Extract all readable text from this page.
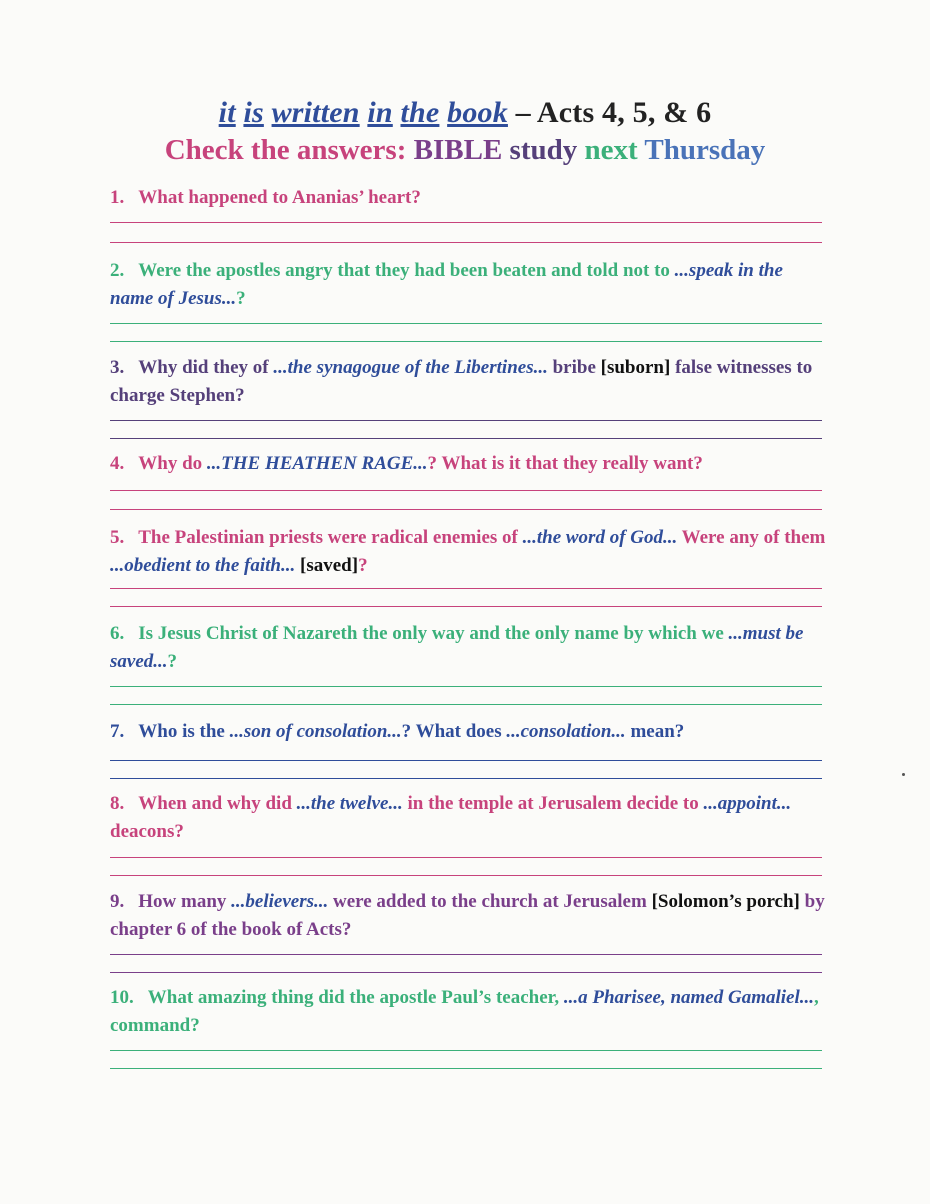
it is written in the book – Acts 4, 5, & 6
Check the answers: BIBLE study next Thursday
1. What happened to Ananias’ heart?
2. Were the apostles angry that they had been beaten and told not to ...speak in the name of Jesus...?
3. Why did they of ...the synagogue of the Libertines... bribe [suborn] false witnesses to charge Stephen?
4. Why do ...THE HEATHEN RAGE...? What is it that they really want?
5. The Palestinian priests were radical enemies of ...the word of God... Were any of them ...obedient to the faith... [saved]?
6. Is Jesus Christ of Nazareth the only way and the only name by which we ...must be saved...?
7. Who is the ...son of consolation...? What does ...consolation... mean?
8. When and why did ...the twelve... in the temple at Jerusalem decide to ...appoint... deacons?
9. How many ...believers... were added to the church at Jerusalem [Solomon’s porch] by chapter 6 of the book of Acts?
10. What amazing thing did the apostle Paul’s teacher, ...a Pharisee, named Gamaliel..., command?
